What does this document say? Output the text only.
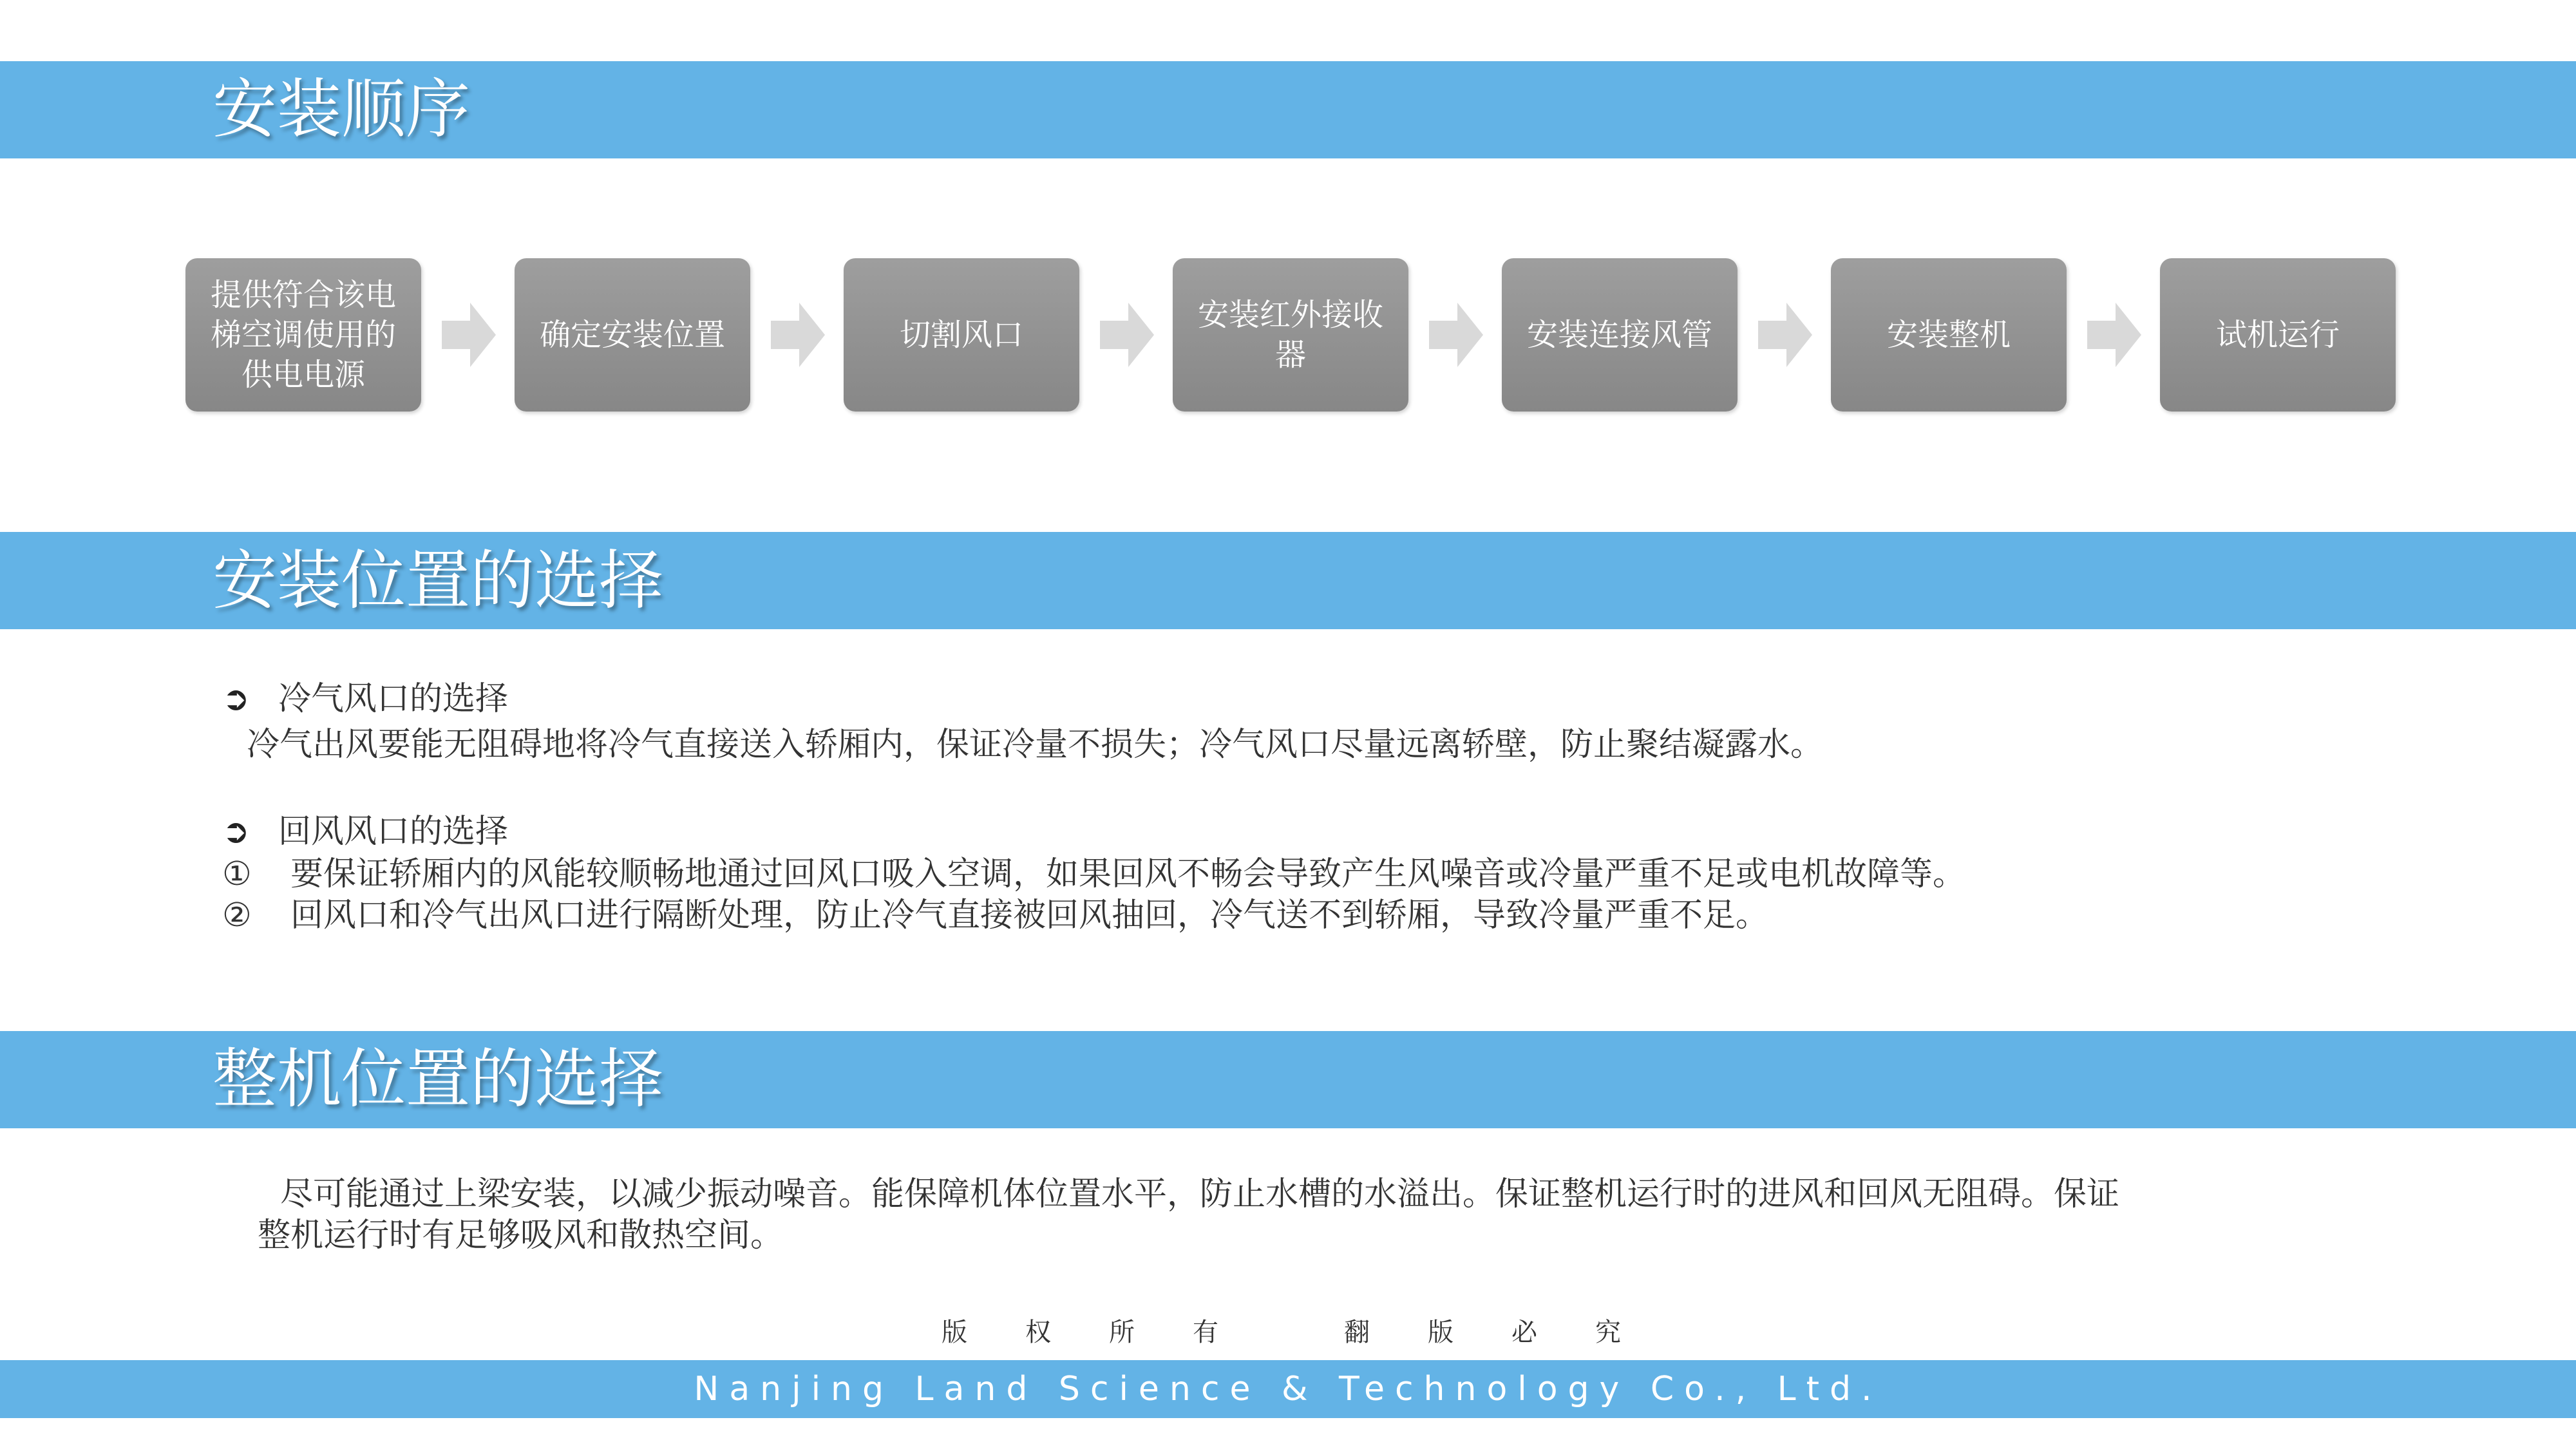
安装顺序
提供符合该电梯空调使用的供电电源
确定安装位置	切割风口
安装红外接收器
安装连接风管	安装整机	试机运行
安装位置的选择
➲ 冷气风口的选择
冷气出风要能无阻碍地将冷气直接送入轿厢内，保证冷量不损失；冷气风口尽量远离轿壁，防止聚结凝露水。
➲ 回风风口的选择
① 要保证轿厢内的风能较顺畅地通过回风口吸入空调，如果回风不畅会导致产生风噪音或冷量严重不足或电机故障等。
② 回风口和冷气出风口进行隔断处理，防止冷气直接被回风抽回，冷气送不到轿厢，导致冷量严重不足。
整机位置的选择
尽可能通过上梁安装，以减少振动噪音。能保障机体位置水平，防止水槽的水溢出。保证整机运行时的进风和回风无阻碍。保证
整机运行时有足够吸风和散热空间。
版 权 所 有	翻 版 必 究
Nanjing Land Science & Technology Co., Ltd.
